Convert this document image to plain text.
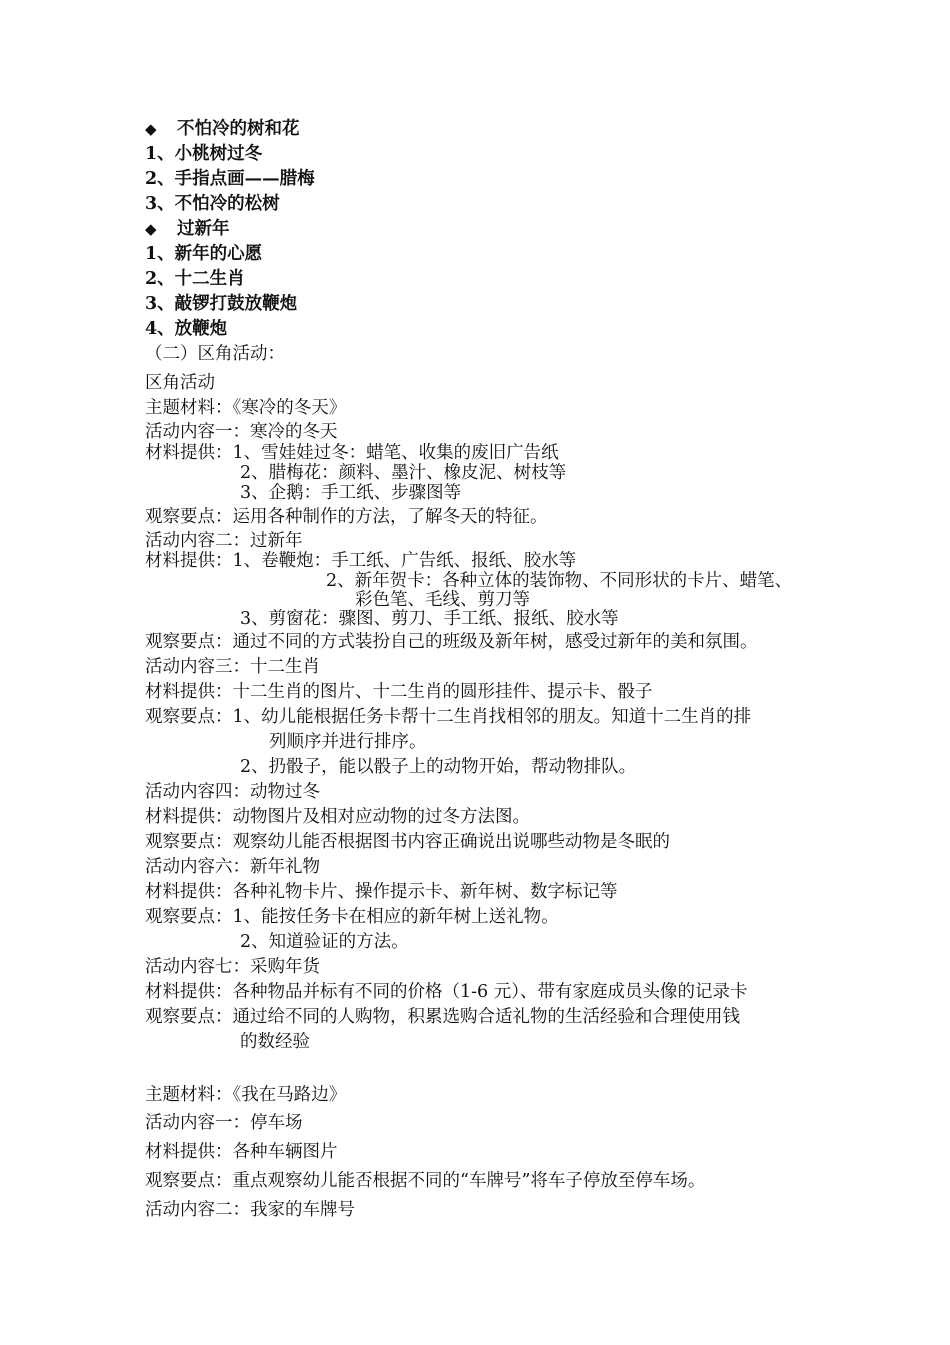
◆ 不怕冷的树和花
1、小桃树过冬
2、手指点画——腊梅
3、不怕冷的松树
◆ 过新年
1、新年的心愿
2、十二生肖
3、敲锣打鼓放鞭炮
4、放鞭炮
（二）区角活动：
区角活动
主题材料：《寒冷的冬天》
活动内容一：寒冷的冬天
材料提供：1、雪娃娃过冬：蜡笔、收集的废旧广告纸
2、腊梅花：颜料、墨汁、橡皮泥、树枝等
3、企鹅：手工纸、步骤图等
观察要点：运用各种制作的方法，了解冬天的特征。
活动内容二：过新年
材料提供：1、卷鞭炮：手工纸、广告纸、报纸、胶水等
2、新年贺卡：各种立体的装饰物、不同形状的卡片、蜡笔、
彩色笔、毛线、剪刀等
3、剪窗花：骤图、剪刀、手工纸、报纸、胶水等
观察要点：通过不同的方式装扮自己的班级及新年树，感受过新年的美和氛围。
活动内容三：十二生肖
材料提供：十二生肖的图片、十二生肖的圆形挂件、提示卡、骰子
观察要点：1、幼儿能根据任务卡帮十二生肖找相邻的朋友。知道十二生肖的排
列顺序并进行排序。
2、扔骰子，能以骰子上的动物开始，帮动物排队。
活动内容四：动物过冬
材料提供：动物图片及相对应动物的过冬方法图。
观察要点：观察幼儿能否根据图书内容正确说出说哪些动物是冬眠的
活动内容六：新年礼物
材料提供：各种礼物卡片、操作提示卡、新年树、数字标记等
观察要点：1、能按任务卡在相应的新年树上送礼物。
2、知道验证的方法。
活动内容七：采购年货
材料提供：各种物品并标有不同的价格（1-6 元）、带有家庭成员头像的记录卡
观察要点：通过给不同的人购物，积累选购合适礼物的生活经验和合理使用钱
的数经验
主题材料：《我在马路边》
活动内容一：停车场
材料提供：各种车辆图片
观察要点：重点观察幼儿能否根据不同的“车牌号”将车子停放至停车场。
活动内容二：我家的车牌号
